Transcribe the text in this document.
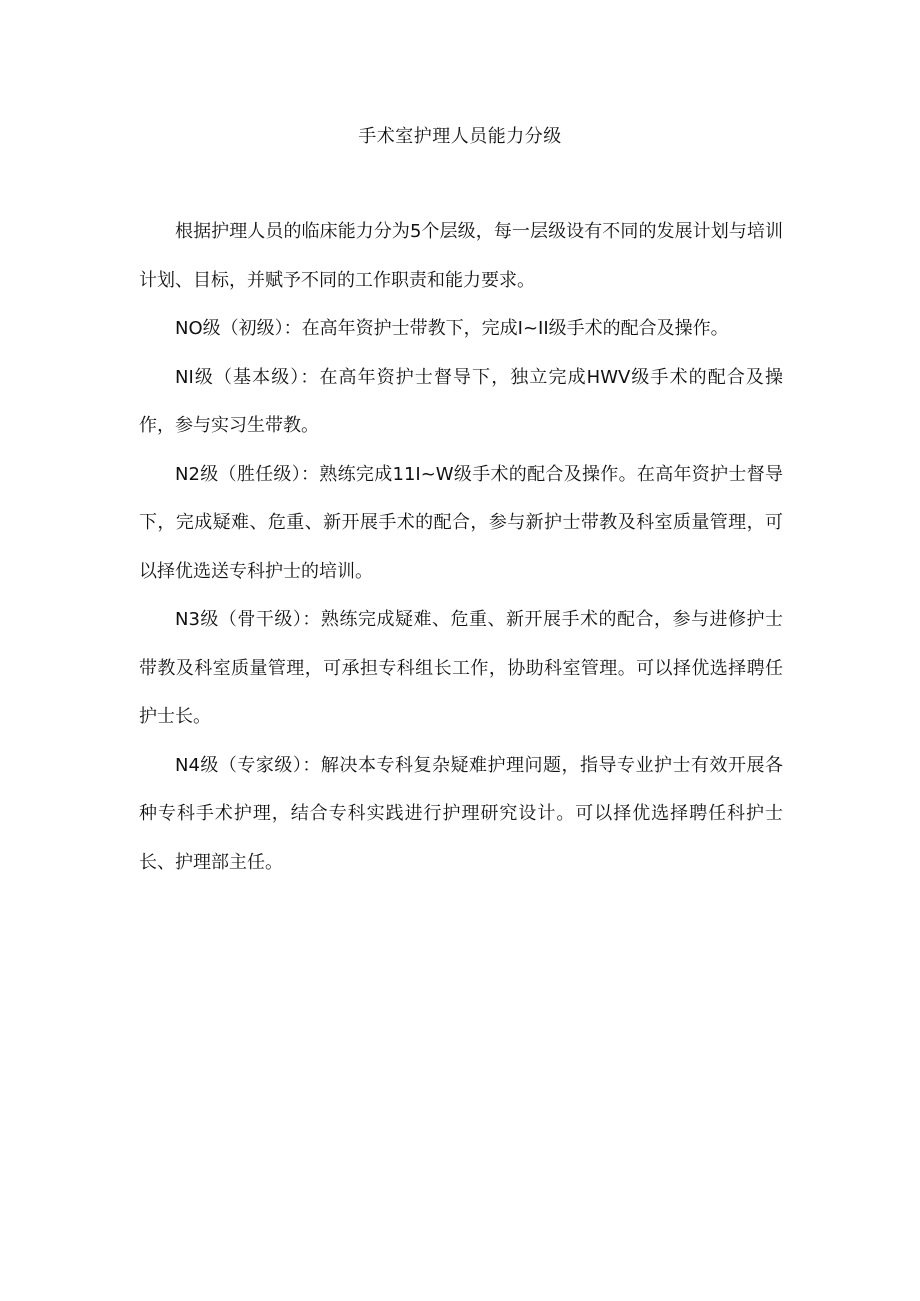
手术室护理人员能力分级

根据护理人员的临床能力分为5个层级，每一层级设有不同的发展计划与培训计划、目标，并赋予不同的工作职责和能力要求。

NO级（初级）：在高年资护士带教下，完成I~II级手术的配合及操作。

NI级（基本级）：在高年资护士督导下，独立完成HWV级手术的配合及操作，参与实习生带教。

N2级（胜任级）：熟练完成11I~W级手术的配合及操作。在高年资护士督导下，完成疑难、危重、新开展手术的配合，参与新护士带教及科室质量管理，可以择优选送专科护士的培训。

N3级（骨干级）：熟练完成疑难、危重、新开展手术的配合，参与进修护士带教及科室质量管理，可承担专科组长工作，协助科室管理。可以择优选择聘任护士长。

N4级（专家级）：解决本专科复杂疑难护理问题，指导专业护士有效开展各种专科手术护理，结合专科实践进行护理研究设计。可以择优选择聘任科护士长、护理部主任。
